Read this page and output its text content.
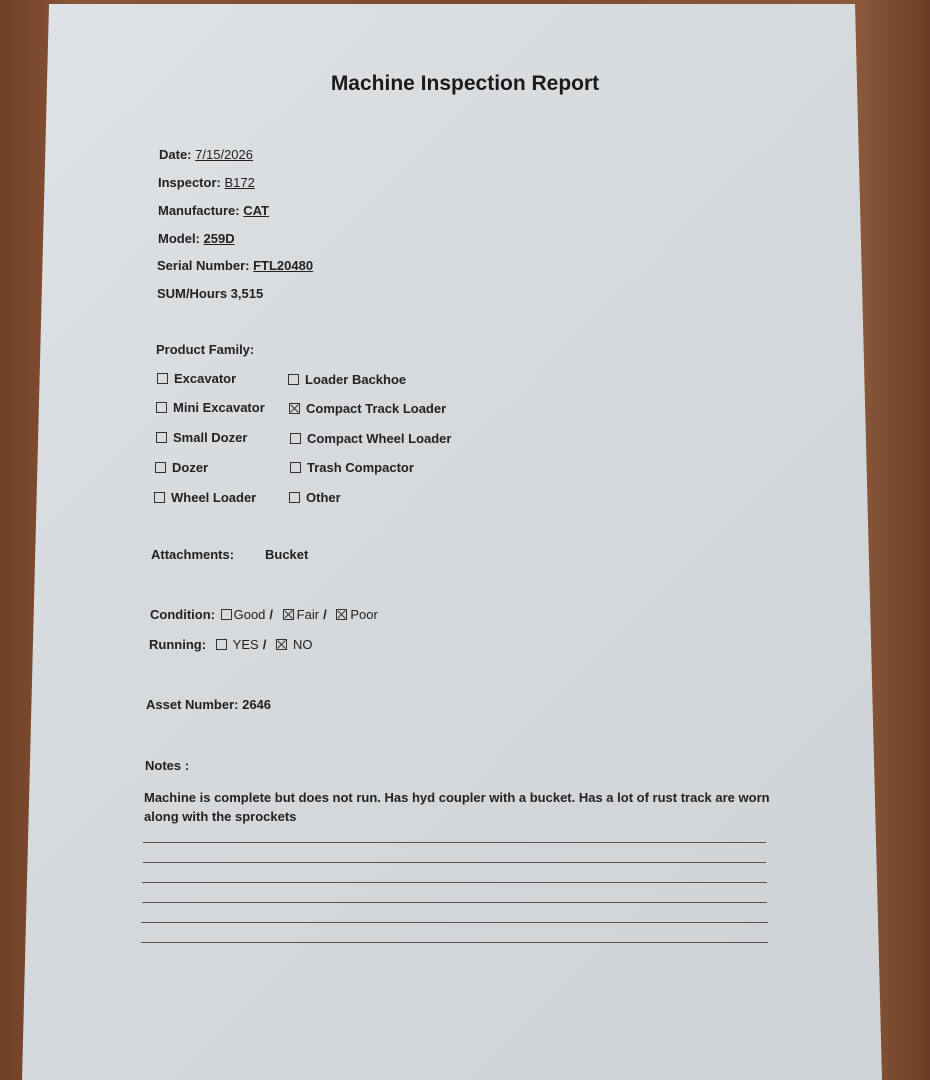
Machine Inspection Report
Date: 7/15/2026
Inspector: B172
Manufacture: CAT
Model: 259D
Serial Number: FTL20480
SUM/Hours 3,515
Product Family:
Excavator	Loader Backhoe
Mini Excavator	Compact Track Loader
Small Dozer	Compact Wheel Loader
Dozer	Trash Compactor
Wheel Loader	Other
Attachments: Bucket
Condition: Good / Fair / Poor
Running: YES / NO
Asset Number: 2646
Notes :
Machine is complete but does not run. Has hyd coupler with a bucket. Has a lot of rust track are worn along with the sprockets
